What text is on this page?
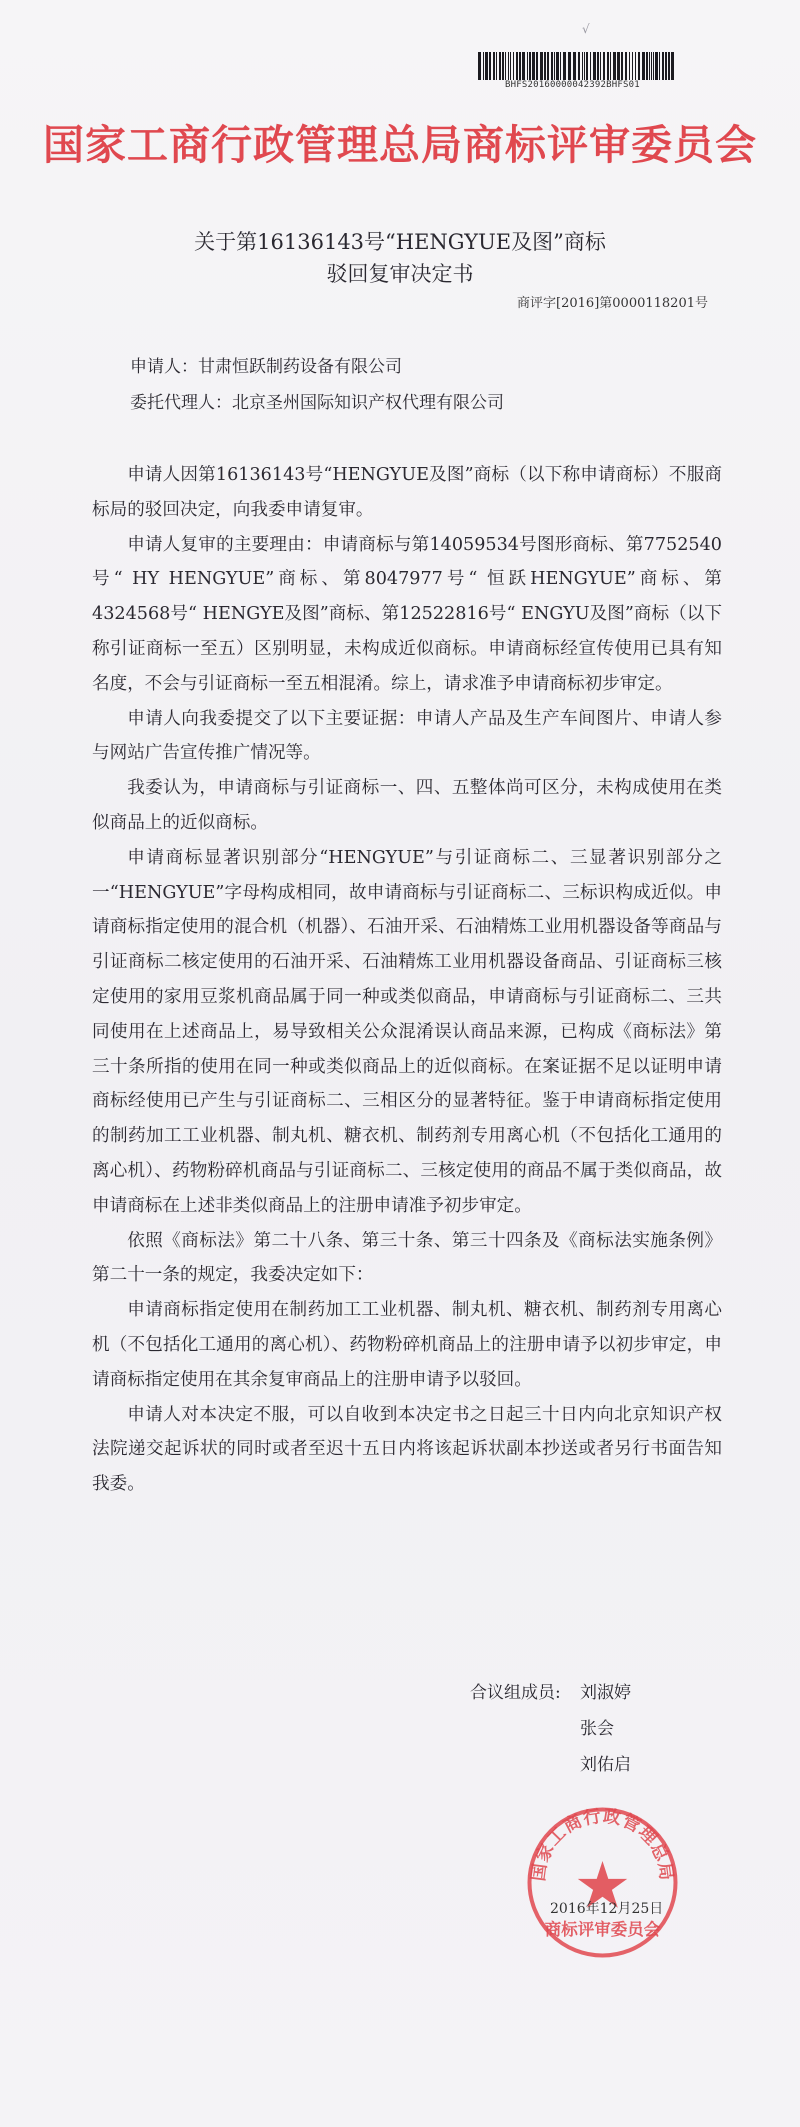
BHFS20160000042392BHFS01
√
国家工商行政管理总局商标评审委员会
关于第16136143号“HENGYUE及图”商标
驳回复审决定书
商评字[2016]第0000118201号
申请人：甘肃恒跃制药设备有限公司
委托代理人：北京圣州国际知识产权代理有限公司

申请人因第16136143号“HENGYUE及图”商标（以下称申请商标）不服商标局的驳回决定，向我委申请复审。

申请人复审的主要理由：申请商标与第14059534号图形商标、第7752540号“ HY HENGYUE”商标、第8047977号“ 恒跃HENGYUE”商标、第4324568号“ HENGYE及图”商标、第12522816号“ ENGYU及图”商标（以下称引证商标一至五）区别明显，未构成近似商标。申请商标经宣传使用已具有知名度，不会与引证商标一至五相混淆。综上，请求准予申请商标初步审定。

申请人向我委提交了以下主要证据：申请人产品及生产车间图片、申请人参与网站广告宣传推广情况等。

我委认为，申请商标与引证商标一、四、五整体尚可区分，未构成使用在类似商品上的近似商标。

申请商标显著识别部分“HENGYUE”与引证商标二、三显著识别部分之一“HENGYUE”字母构成相同，故申请商标与引证商标二、三标识构成近似。申请商标指定使用的混合机（机器）、石油开采、石油精炼工业用机器设备等商品与引证商标二核定使用的石油开采、石油精炼工业用机器设备商品、引证商标三核定使用的家用豆浆机商品属于同一种或类似商品，申请商标与引证商标二、三共同使用在上述商品上，易导致相关公众混淆误认商品来源，已构成《商标法》第三十条所指的使用在同一种或类似商品上的近似商标。在案证据不足以证明申请商标经使用已产生与引证商标二、三相区分的显著特征。鉴于申请商标指定使用的制药加工工业机器、制丸机、糖衣机、制药剂专用离心机（不包括化工通用的离心机）、药物粉碎机商品与引证商标二、三核定使用的商品不属于类似商品，故申请商标在上述非类似商品上的注册申请准予初步审定。

依照《商标法》第二十八条、第三十条、第三十四条及《商标法实施条例》第二十一条的规定，我委决定如下：

申请商标指定使用在制药加工工业机器、制丸机、糖衣机、制药剂专用离心机（不包括化工通用的离心机）、药物粉碎机商品上的注册申请予以初步审定，申请商标指定使用在其余复审商品上的注册申请予以驳回。

申请人对本决定不服，可以自收到本决定书之日起三十日内向北京知识产权法院递交起诉状的同时或者至迟十五日内将该起诉状副本抄送或者另行书面告知我委。

合议组成员:	刘淑婷
张会
刘佑启
国家工商行政管理总局
商标评审委员会
2016年12月25日
